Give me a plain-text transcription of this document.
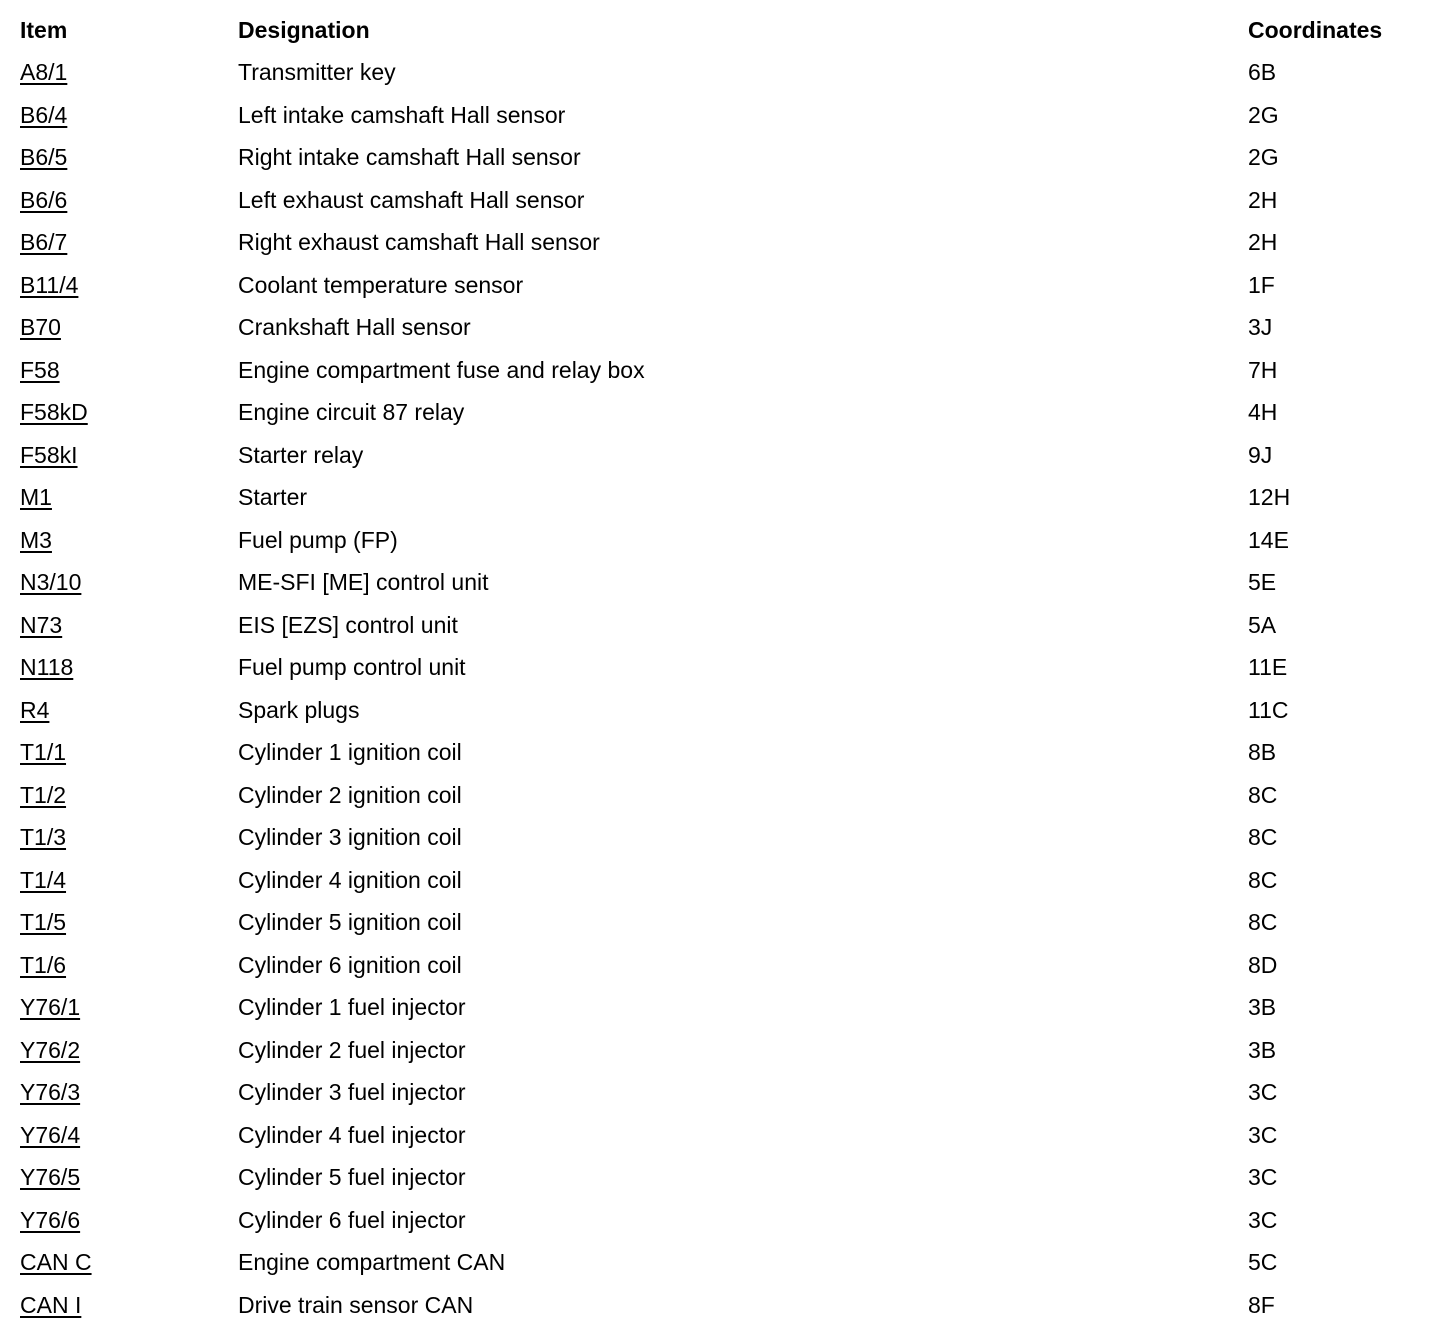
Item	Designation	Coordinates
A8/1	Transmitter key	6B
B6/4	Left intake camshaft Hall sensor	2G
B6/5	Right intake camshaft Hall sensor	2G
B6/6	Left exhaust camshaft Hall sensor	2H
B6/7	Right exhaust camshaft Hall sensor	2H
B11/4	Coolant temperature sensor	1F
B70	Crankshaft Hall sensor	3J
F58	Engine compartment fuse and relay box	7H
F58kD	Engine circuit 87 relay	4H
F58kI	Starter relay	9J
M1	Starter	12H
M3	Fuel pump (FP)	14E
N3/10	ME-SFI [ME] control unit	5E
N73	EIS [EZS] control unit	5A
N118	Fuel pump control unit	11E
R4	Spark plugs	11C
T1/1	Cylinder 1 ignition coil	8B
T1/2	Cylinder 2 ignition coil	8C
T1/3	Cylinder 3 ignition coil	8C
T1/4	Cylinder 4 ignition coil	8C
T1/5	Cylinder 5 ignition coil	8C
T1/6	Cylinder 6 ignition coil	8D
Y76/1	Cylinder 1 fuel injector	3B
Y76/2	Cylinder 2 fuel injector	3B
Y76/3	Cylinder 3 fuel injector	3C
Y76/4	Cylinder 4 fuel injector	3C
Y76/5	Cylinder 5 fuel injector	3C
Y76/6	Cylinder 6 fuel injector	3C
CAN C	Engine compartment CAN	5C
CAN I	Drive train sensor CAN	8F
